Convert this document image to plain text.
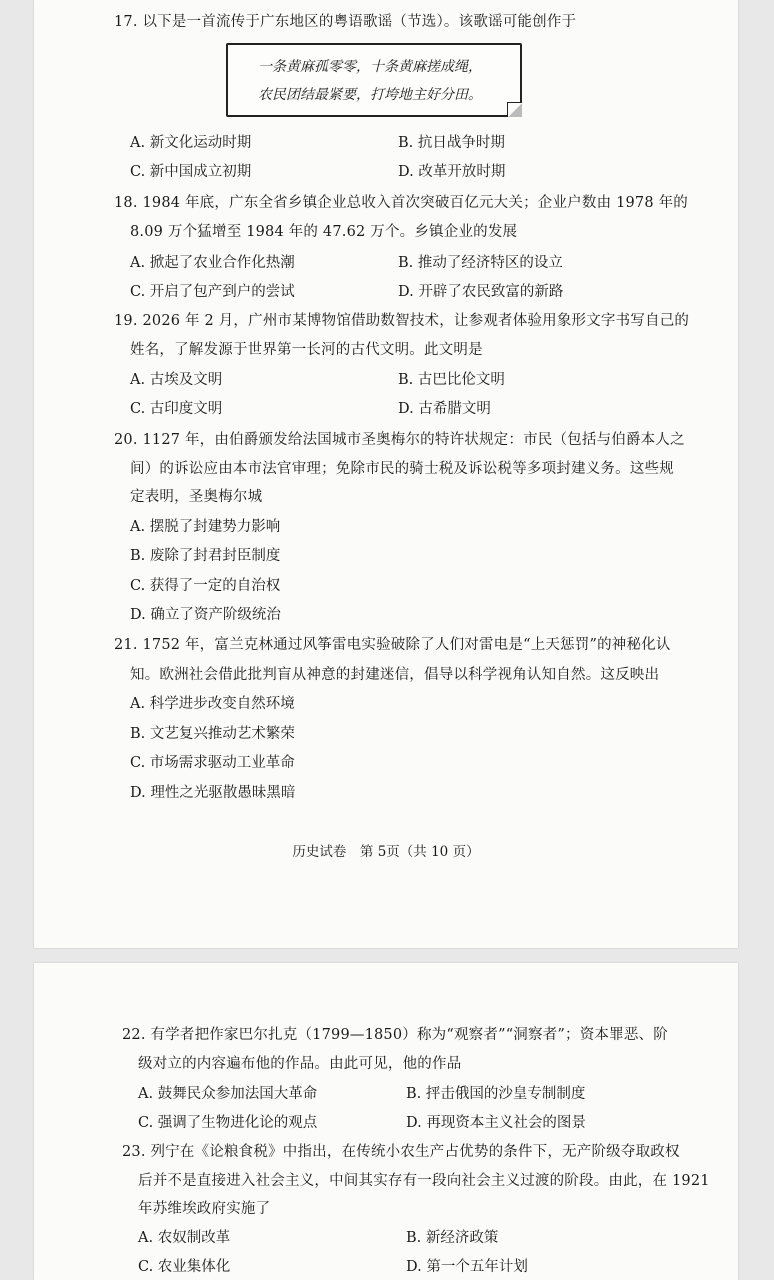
17. 以下是一首流传于广东地区的粤语歌谣（节选）。该歌谣可能创作于
一条黄麻孤零零，十条黄麻搓成绳，
农民团结最紧要，打垮地主好分田。
A. 新文化运动时期	B. 抗日战争时期
C. 新中国成立初期	D. 改革开放时期
18. 1984 年底，广东全省乡镇企业总收入首次突破百亿元大关；企业户数由 1978 年的
8.09 万个猛增至 1984 年的 47.62 万个。乡镇企业的发展
A. 掀起了农业合作化热潮	B. 推动了经济特区的设立
C. 开启了包产到户的尝试	D. 开辟了农民致富的新路
19. 2026 年 2 月，广州市某博物馆借助数智技术，让参观者体验用象形文字书写自己的
姓名，了解发源于世界第一长河的古代文明。此文明是
A. 古埃及文明	B. 古巴比伦文明
C. 古印度文明	D. 古希腊文明
20. 1127 年，由伯爵颁发给法国城市圣奥梅尔的特许状规定：市民（包括与伯爵本人之
间）的诉讼应由本市法官审理；免除市民的骑士税及诉讼税等多项封建义务。这些规
定表明，圣奥梅尔城
A. 摆脱了封建势力影响
B. 废除了封君封臣制度
C. 获得了一定的自治权
D. 确立了资产阶级统治
21. 1752 年，富兰克林通过风筝雷电实验破除了人们对雷电是“上天惩罚”的神秘化认
知。欧洲社会借此批判盲从神意的封建迷信，倡导以科学视角认知自然。这反映出
A. 科学进步改变自然环境
B. 文艺复兴推动艺术繁荣
C. 市场需求驱动工业革命
D. 理性之光驱散愚昧黑暗
历史试卷　第 5页（共 10 页）
22. 有学者把作家巴尔扎克（1799—1850）称为“观察者”“洞察者”；资本罪恶、阶
级对立的内容遍布他的作品。由此可见，他的作品
A. 鼓舞民众参加法国大革命	B. 抨击俄国的沙皇专制制度
C. 强调了生物进化论的观点	D. 再现资本主义社会的图景
23. 列宁在《论粮食税》中指出，在传统小农生产占优势的条件下，无产阶级夺取政权
后并不是直接进入社会主义，中间其实存有一段向社会主义过渡的阶段。由此，在 1921
年苏维埃政府实施了
A. 农奴制改革	B. 新经济政策
C. 农业集体化	D. 第一个五年计划
